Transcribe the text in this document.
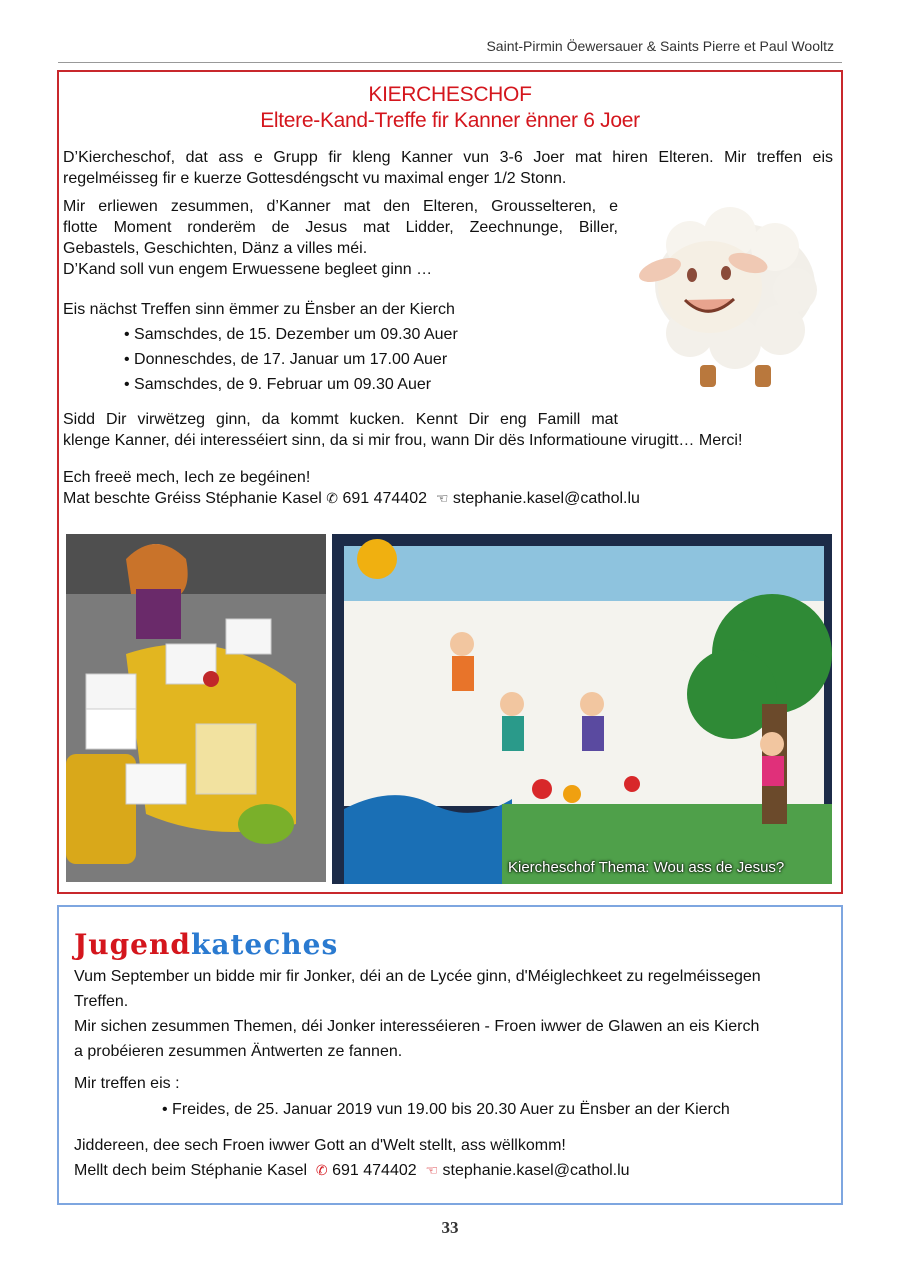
Saint-Pirmin Öewersauer & Saints Pierre et Paul Wooltz
KIERCHESCHOF
Eltere-Kand-Treffe fir Kanner ënner 6 Joer
D’Kiercheschof, dat ass e Grupp fir kleng Kanner vun 3-6 Joer mat hiren Elteren. Mir treffen eis
regelméisseg fir e kuerze Gottesdéngscht vu maximal enger 1/2 Stonn.
Mir erliewen zesummen, d’Kanner mat den Elteren, Grousselteren, e
flotte Moment ronderëm de Jesus mat Lidder, Zeechnunge, Biller,
Gebastels, Geschichten, Dänz a villes méi.
D’Kand soll vun engem Erwuessene begleet ginn …
Eis nächst Treffen sinn ëmmer zu Ënsber an der Kierch
• Samschdes, de 15. Dezember um 09.30 Auer
• Donneschdes, de 17. Januar um 17.00 Auer
• Samschdes, de 9. Februar um 09.30 Auer
Sidd Dir virwëtzeg ginn, da kommt kucken. Kennt Dir eng Famill mat
klenge Kanner, déi interesséiert sinn, da si mir frou, wann Dir dës Informatioune virugitt… Merci!
Ech freeë mech, Iech ze begéinen!
Mat beschte Gréiss Stéphanie Kasel ✆ 691 474402 ☜ stephanie.kasel@cathol.lu
Kiercheschof Thema: Wou ass de Jesus?
Jugendkateches
Vum September un bidde mir fir Jonker, déi an de Lycée ginn, d'Méiglechkeet zu regelméissegen
Treffen.
Mir sichen zesummen Themen, déi Jonker interesséieren - Froen iwwer de Glawen an eis Kierch
a probéieren zesummen Äntwerten ze fannen.
Mir treffen eis :
• Freides, de 25. Januar 2019 vun 19.00 bis 20.30 Auer zu Ënsber an der Kierch
Jiddereen, dee sech Froen iwwer Gott an d'Welt stellt, ass wëllkomm!
Mellt dech beim Stéphanie Kasel ✆ 691 474402 ☜ stephanie.kasel@cathol.lu
33
